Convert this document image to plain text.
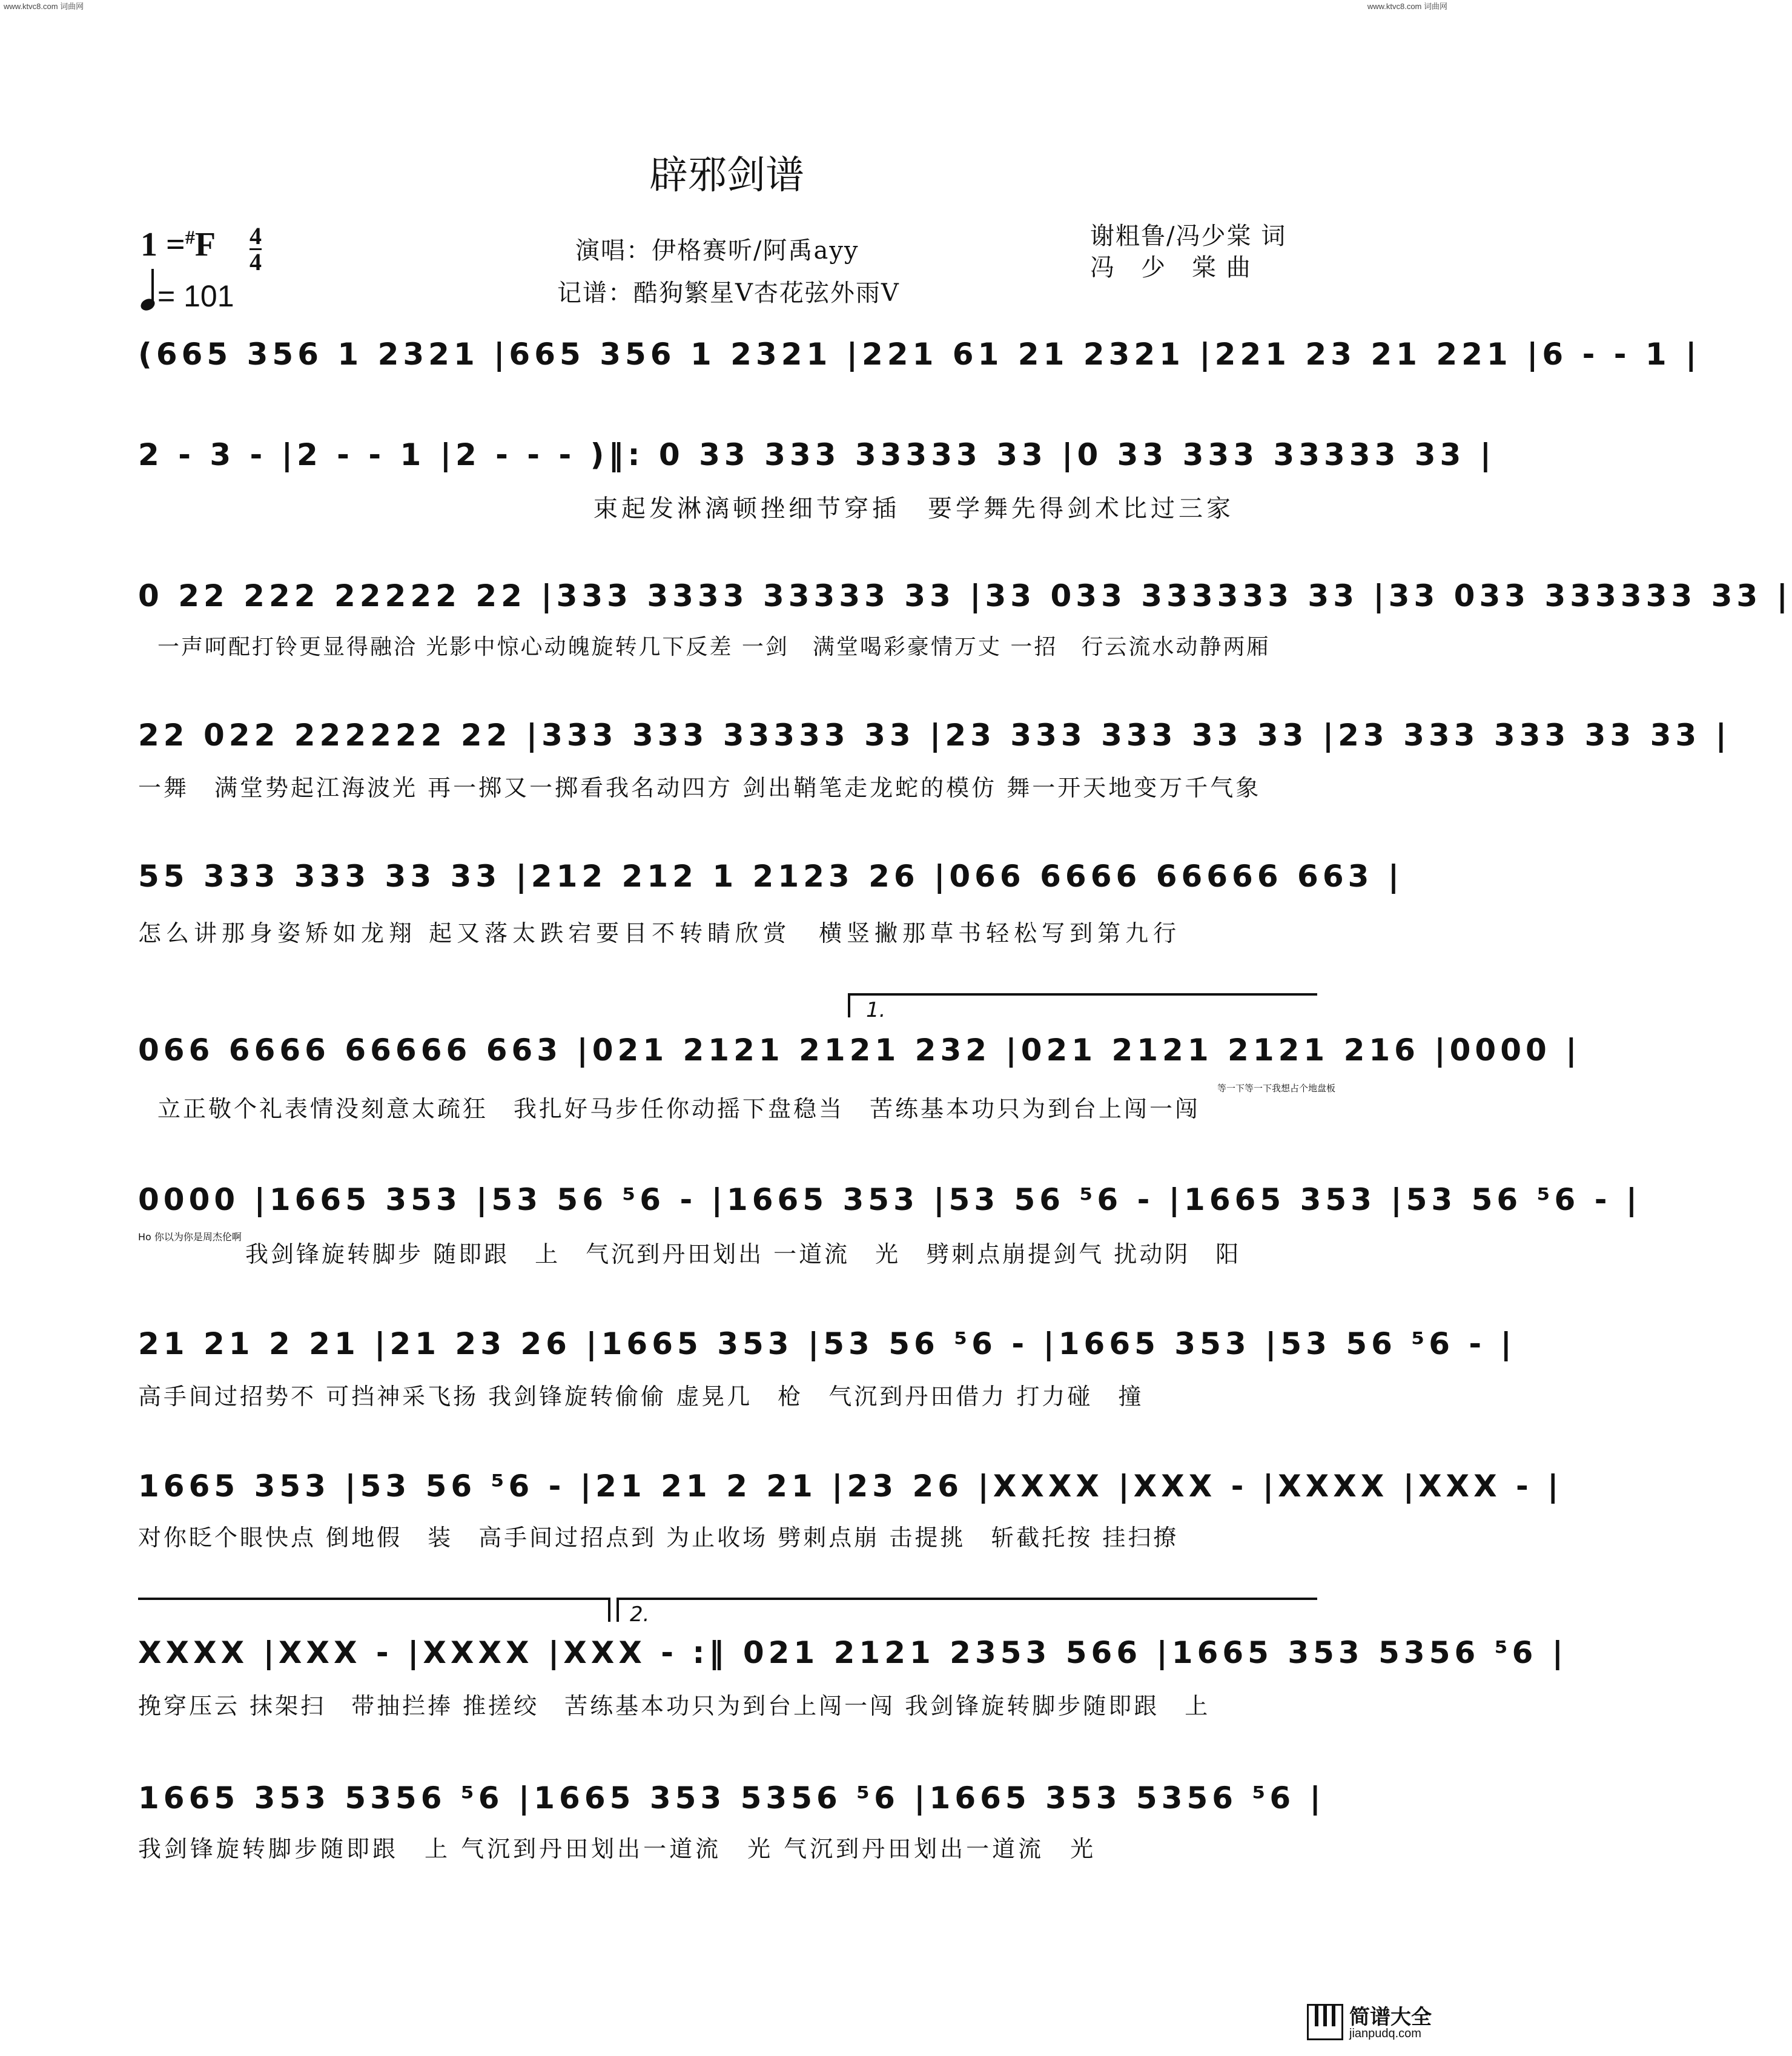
www.ktvc8.com 词曲网	www.ktvc8.com 词曲网
辟邪剑谱
1 =#F 4
4
= 101
演唱：伊格赛听/阿禹ayy
记谱：酷狗繁星V杏花弦外雨V
谢粗鲁/冯少棠 词
冯　少　棠 曲
(665 356 1 2321 |665 356 1 2321 |221 61 21 2321 |221 23 21 221 |6 - - 1 |
2 - 3 - |2 - - 1 |2 - - - )‖: 0 33 333 33333 33 |0 33 333 33333 33 |
束起发淋漓顿挫细节穿插　要学舞先得剑术比过三家
0 22 222 22222 22 |333 3333 33333 33 |33 033 333333 33 |33 033 333333 33 |
一声呵配打铃更显得融洽 光影中惊心动魄旋转几下反差 一剑　满堂喝彩豪情万丈 一招　行云流水动静两厢
22 022 222222 22 |333 333 33333 33 |23 333 333 33 33 |23 333 333 33 33 |
一舞　满堂势起江海波光 再一掷又一掷看我名动四方 剑出鞘笔走龙蛇的模仿 舞一开天地变万千气象
55 333 333 33 33 |212 212 1 2123 26 |066 6666 66666 663 |
怎么讲那身姿矫如龙翔 起又落太跌宕要目不转睛欣赏　横竖撇那草书轻松写到第九行
1.
066 6666 66666 663 |021 2121 2121 232 |021 2121 2121 216 |0000 |
立正敬个礼表情没刻意太疏狂　我扎好马步任你动摇下盘稳当　苦练基本功只为到台上闯一闯
等一下等一下我想占个地盘板
0000 |1665 353 |53 56 ⁵6 - |1665 353 |53 56 ⁵6 - |1665 353 |53 56 ⁵6 - |
我剑锋旋转脚步 随即跟　上　气沉到丹田划出 一道流　光　劈刺点崩提剑气 扰动阴　阳
Ho 你以为你是周杰伦啊
21 21 2 21 |21 23 26 |1665 353 |53 56 ⁵6 - |1665 353 |53 56 ⁵6 - |
高手间过招势不 可挡神采飞扬 我剑锋旋转偷偷 虚晃几　枪　气沉到丹田借力 打力碰　撞
1665 353 |53 56 ⁵6 - |21 21 2 21 |23 26 |XXXX |XXX - |XXXX |XXX - |
对你眨个眼快点 倒地假　装　高手间过招点到 为止收场 劈刺点崩 击提挑　斩截托按 挂扫撩
2.
XXXX |XXX - |XXXX |XXX - :‖ 021 2121 2353 566 |1665 353 5356 ⁵6 |
挽穿压云 抹架扫　带抽拦捧 推搓绞　苦练基本功只为到台上闯一闯 我剑锋旋转脚步随即跟　上
1665 353 5356 ⁵6 |1665 353 5356 ⁵6 |1665 353 5356 ⁵6 |
我剑锋旋转脚步随即跟　上 气沉到丹田划出一道流　光 气沉到丹田划出一道流　光
简谱大全
jianpudq.com
